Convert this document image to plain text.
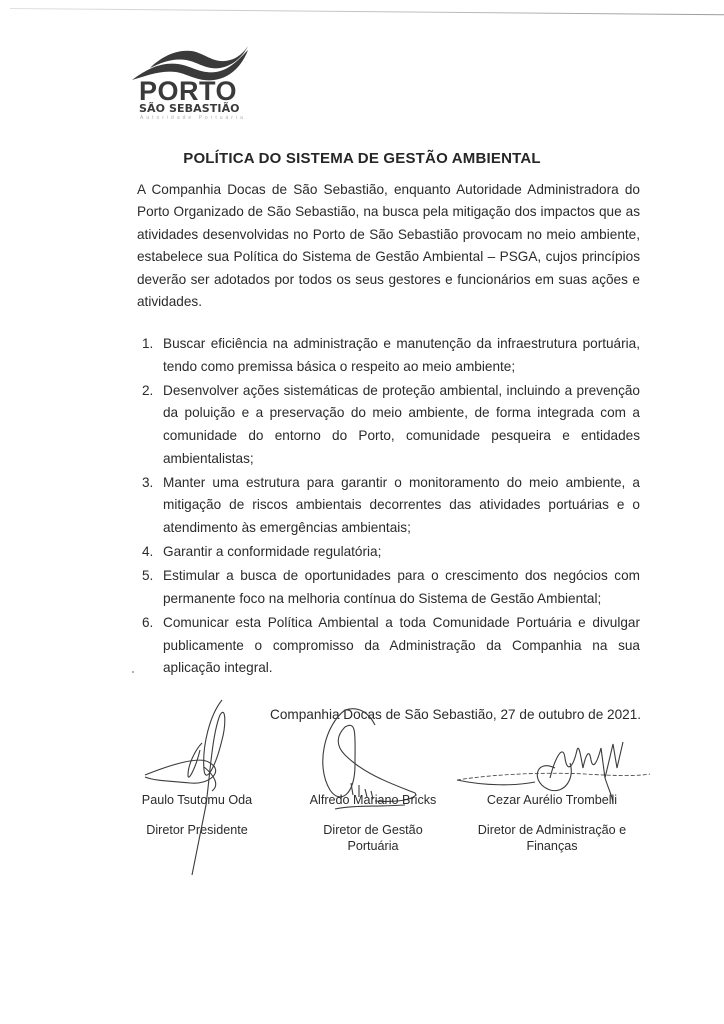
PORTO
SÃO SEBASTIÃO
Autoridade Portuária
POLÍTICA DO SISTEMA DE GESTÃO AMBIENTAL

A Companhia Docas de São Sebastião, enquanto Autoridade Administradora do Porto Organizado de São Sebastião, na busca pela mitigação dos impactos que as atividades desenvolvidas no Porto de São Sebastião provocam no meio ambiente, estabelece sua Política do Sistema de Gestão Ambiental – PSGA, cujos princípios deverão ser adotados por todos os seus gestores e funcionários em suas ações e atividades.

1. Buscar eficiência na administração e manutenção da infraestrutura portuária, tendo como premissa básica o respeito ao meio ambiente;
2. Desenvolver ações sistemáticas de proteção ambiental, incluindo a prevenção da poluição e a preservação do meio ambiente, de forma integrada com a comunidade do entorno do Porto, comunidade pesqueira e entidades ambientalistas;
3. Manter uma estrutura para garantir o monitoramento do meio ambiente, a mitigação de riscos ambientais decorrentes das atividades portuárias e o atendimento às emergências ambientais;
4. Garantir a conformidade regulatória;
5. Estimular a busca de oportunidades para o crescimento dos negócios com permanente foco na melhoria contínua do Sistema de Gestão Ambiental;
6. Comunicar esta Política Ambiental a toda Comunidade Portuária e divulgar publicamente o compromisso da Administração da Companhia na sua aplicação integral.
Companhia Docas de São Sebastião, 27 de outubro de 2021.
Paulo Tsutomu Oda
Diretor Presidente
Alfredo Mariano Bricks
Diretor de Gestão Portuária
Cezar Aurélio Trombelli
Diretor de Administração e Finanças
